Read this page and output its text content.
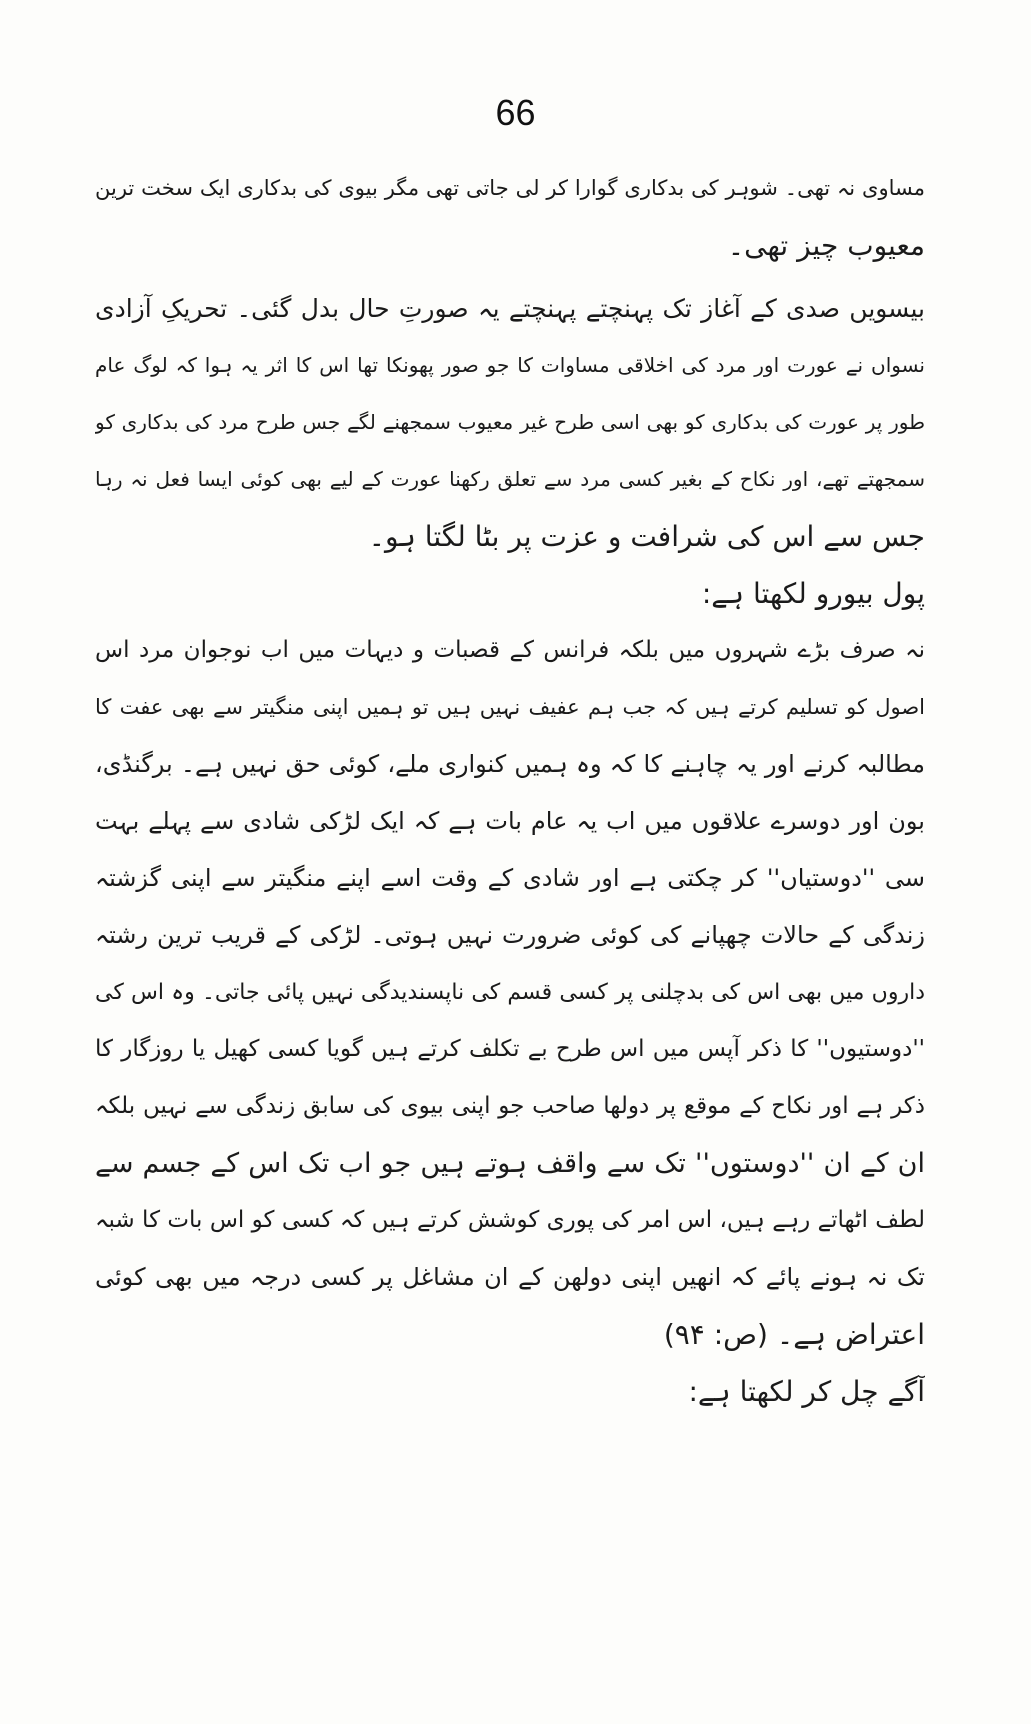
66
مساوی نہ تھی۔ شوہر کی بدکاری گوارا کر لی جاتی تھی مگر بیوی کی بدکاری ایک سخت ترین
معیوب چیز تھی۔
بیسویں صدی کے آغاز تک پہنچتے پہنچتے یہ صورتِ حال بدل گئی۔ تحریکِ آزادی
نسواں نے عورت اور مرد کی اخلاقی مساوات کا جو صور پھونکا تھا اس کا اثر یہ ہوا کہ لوگ عام
طور پر عورت کی بدکاری کو بھی اسی طرح غیر معیوب سمجھنے لگے جس طرح مرد کی بدکاری کو
سمجھتے تھے، اور نکاح کے بغیر کسی مرد سے تعلق رکھنا عورت کے لیے بھی کوئی ایسا فعل نہ رہا
جس سے اس کی شرافت و عزت پر بٹا لگتا ہو۔
پول بیورو لکھتا ہے:
نہ صرف بڑے شہروں میں بلکہ فرانس کے قصبات و دیہات میں اب نوجوان مرد اس
اصول کو تسلیم کرتے ہیں کہ جب ہم عفیف نہیں ہیں تو ہمیں اپنی منگیتر سے بھی عفت کا
مطالبہ کرنے اور یہ چاہنے کا کہ وہ ہمیں کنواری ملے، کوئی حق نہیں ہے۔ برگنڈی،
بون اور دوسرے علاقوں میں اب یہ عام بات ہے کہ ایک لڑکی شادی سے پہلے بہت
سی ''دوستیاں'' کر چکتی ہے اور شادی کے وقت اسے اپنے منگیتر سے اپنی گزشتہ
زندگی کے حالات چھپانے کی کوئی ضرورت نہیں ہوتی۔ لڑکی کے قریب ترین رشتہ
داروں میں بھی اس کی بدچلنی پر کسی قسم کی ناپسندیدگی نہیں پائی جاتی۔ وہ اس کی
''دوستیوں'' کا ذکر آپس میں اس طرح بے تکلف کرتے ہیں گویا کسی کھیل یا روزگار کا
ذکر ہے اور نکاح کے موقع پر دولھا صاحب جو اپنی بیوی کی سابق زندگی سے نہیں بلکہ
ان کے ان ''دوستوں'' تک سے واقف ہوتے ہیں جو اب تک اس کے جسم سے
لطف اٹھاتے رہے ہیں، اس امر کی پوری کوشش کرتے ہیں کہ کسی کو اس بات کا شبہ
تک نہ ہونے پائے کہ انھیں اپنی دولھن کے ان مشاغل پر کسی درجہ میں بھی کوئی
اعتراض ہے۔ (ص: ۹۴)
آگے چل کر لکھتا ہے:
